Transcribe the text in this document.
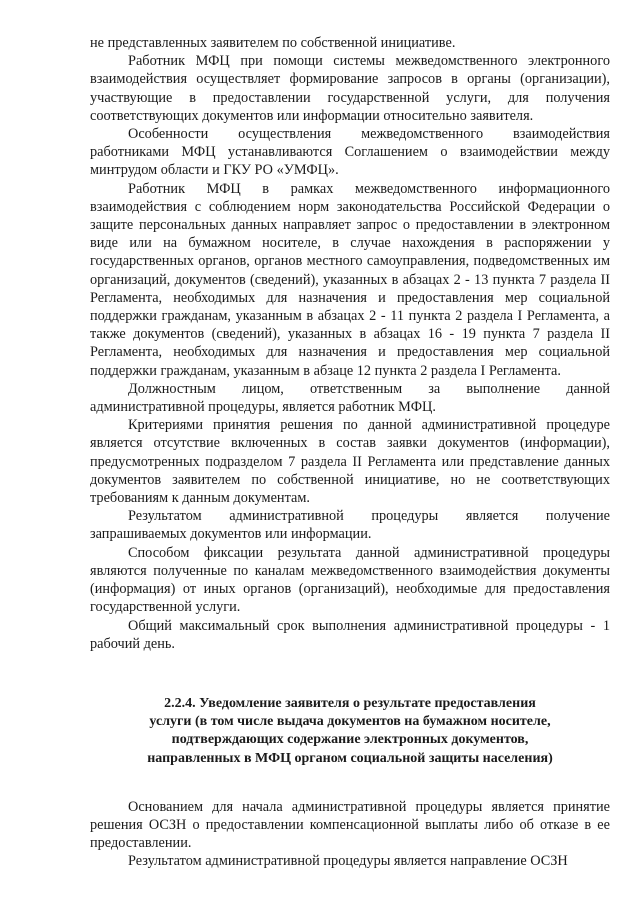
не представленных заявителем по собственной инициативе.

Работник МФЦ при помощи системы межведомственного электронного взаимодействия осуществляет формирование запросов в органы (организации), участвующие в предоставлении государственной услуги, для получения соответствующих документов или информации относительно заявителя.

Особенности осуществления межведомственного взаимодействия работниками МФЦ устанавливаются Соглашением о взаимодействии между минтрудом области и ГКУ РО «УМФЦ».

Работник МФЦ в рамках межведомственного информационного взаимодействия с соблюдением норм законодательства Российской Федерации о защите персональных данных направляет запрос о предоставлении в электронном виде или на бумажном носителе, в случае нахождения в распоряжении у государственных органов, органов местного самоуправления, подведомственных им организаций, документов (сведений), указанных в абзацах 2 - 13 пункта 7 раздела II Регламента, необходимых для назначения и предоставления мер социальной поддержки гражданам, указанным в абзацах 2 - 11 пункта 2 раздела I Регламента, а также документов (сведений), указанных в абзацах 16 - 19 пункта 7 раздела II Регламента, необходимых для назначения и предоставления мер социальной поддержки гражданам, указанным в абзаце 12 пункта 2 раздела I Регламента.

Должностным лицом, ответственным за выполнение данной административной процедуры, является работник МФЦ.

Критериями принятия решения по данной административной процедуре является отсутствие включенных в состав заявки документов (информации), предусмотренных подразделом 7 раздела II Регламента или представление данных документов заявителем по собственной инициативе, но не соответствующих требованиям к данным документам.

Результатом административной процедуры является получение запрашиваемых документов или информации.

Способом фиксации результата данной административной процедуры являются полученные по каналам межведомственного взаимодействия документы (информация) от иных органов (организаций), необходимые для предоставления государственной услуги.

Общий максимальный срок выполнения административной процедуры - 1 рабочий день.

2.2.4. Уведомление заявителя о результате предоставления

услуги (в том числе выдача документов на бумажном носителе,

подтверждающих содержание электронных документов,

направленных в МФЦ органом социальной защиты населения)

Основанием для начала административной процедуры является принятие решения ОСЗН о предоставлении компенсационной выплаты либо об отказе в ее предоставлении.

Результатом административной процедуры является направление ОСЗН
